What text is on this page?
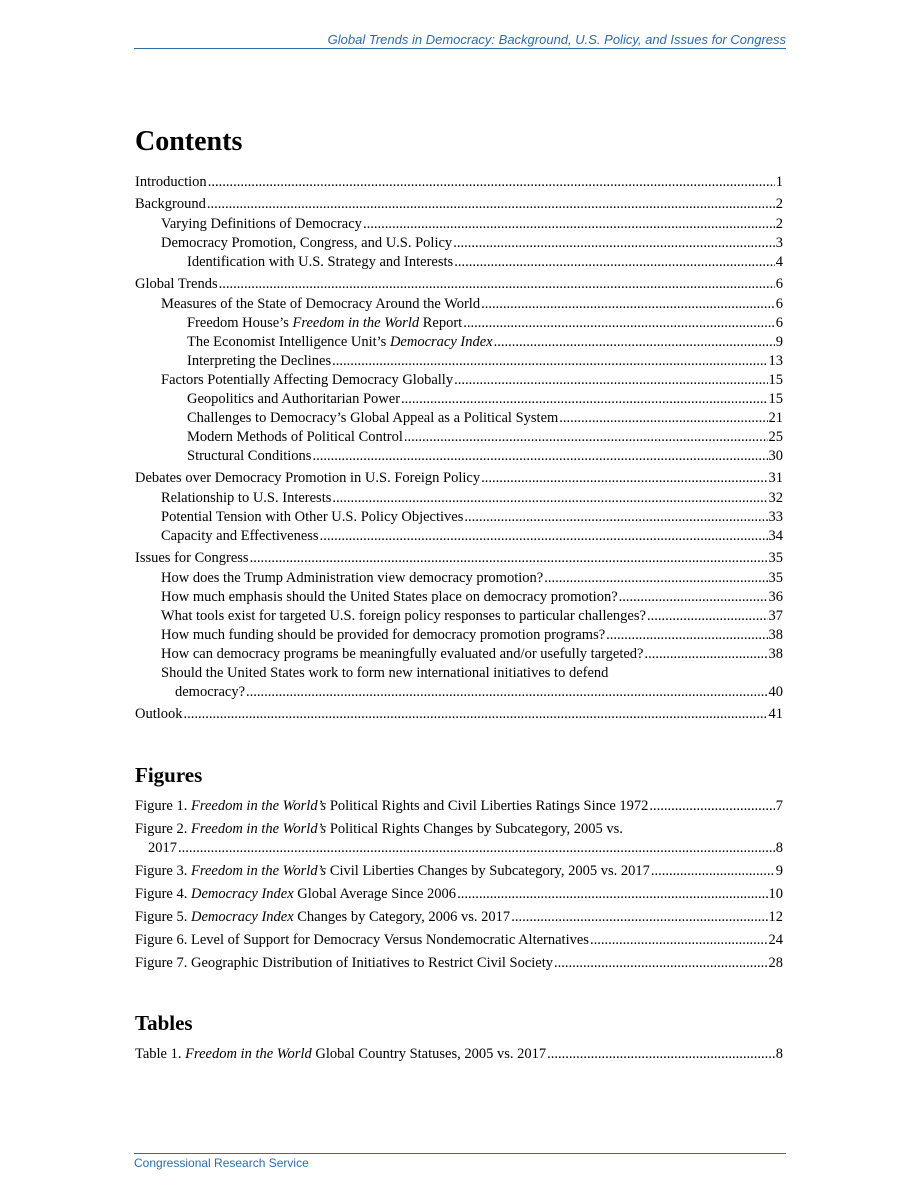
Global Trends in Democracy: Background, U.S. Policy, and Issues for Congress
Contents
Introduction .....	1
Background .....	2
Varying Definitions of Democracy .....	2
Democracy Promotion, Congress, and U.S. Policy .....	3
Identification with U.S. Strategy and Interests .....	4
Global Trends .....	6
Measures of the State of Democracy Around the World .....	6
Freedom House’s Freedom in the World Report .....	6
The Economist Intelligence Unit’s Democracy Index .....	9
Interpreting the Declines .....	13
Factors Potentially Affecting Democracy Globally .....	15
Geopolitics and Authoritarian Power .....	15
Challenges to Democracy’s Global Appeal as a Political System .....	21
Modern Methods of Political Control .....	25
Structural Conditions .....	30
Debates over Democracy Promotion in U.S. Foreign Policy .....	31
Relationship to U.S. Interests .....	32
Potential Tension with Other U.S. Policy Objectives .....	33
Capacity and Effectiveness .....	34
Issues for Congress .....	35
How does the Trump Administration view democracy promotion? .....	35
How much emphasis should the United States place on democracy promotion? .....	36
What tools exist for targeted U.S. foreign policy responses to particular challenges? .....	37
How much funding should be provided for democracy promotion programs? .....	38
How can democracy programs be meaningfully evaluated and/or usefully targeted? .....	38
Should the United States work to form new international initiatives to defend
democracy? .....	40
Outlook .....	41
Figures
Figure 1. Freedom in the World’s Political Rights and Civil Liberties Ratings Since 1972 .....	7
Figure 2. Freedom in the World’s Political Rights Changes by Subcategory, 2005 vs.
2017 .....	8
Figure 3. Freedom in the World’s Civil Liberties Changes by Subcategory, 2005 vs. 2017 .....	9
Figure 4. Democracy Index Global Average Since 2006 .....	10
Figure 5. Democracy Index Changes by Category, 2006 vs. 2017 .....	12
Figure 6. Level of Support for Democracy Versus Nondemocratic Alternatives .....	24
Figure 7. Geographic Distribution of Initiatives to Restrict Civil Society .....	28
Tables
Table 1. Freedom in the World Global Country Statuses, 2005 vs. 2017 .....	8
Congressional Research Service
